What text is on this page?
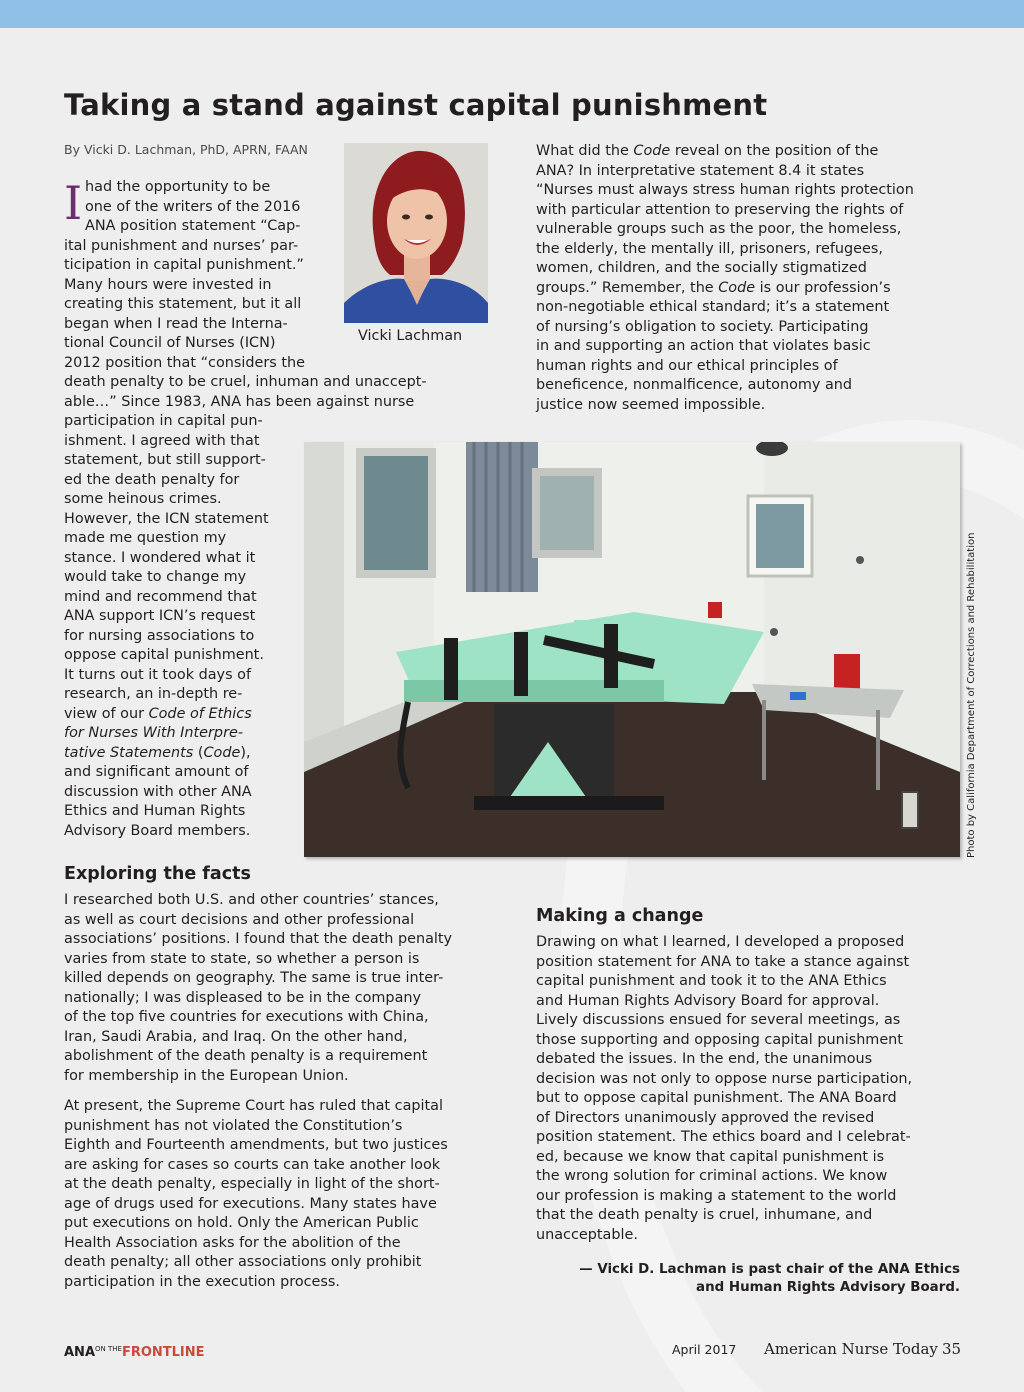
Taking a stand against capital punishment
By Vicki D. Lachman, PhD, APRN, FAAN
Vicki Lachman
I had the opportunity to be
one of the writers of the 2016
ANA position statement “Cap-
ital punishment and nurses’ par-
ticipation in capital punishment.”
Many hours were invested in
creating this statement, but it all
began when I read the Interna-
tional Council of Nurses (ICN)
2012 position that “considers the
death penalty to be cruel, inhuman and unaccept-
able…” Since 1983, ANA has been against nurse
participation in capital pun-
ishment. I agreed with that
statement, but still support-
ed the death penalty for
some heinous crimes.
However, the ICN statement
made me question my
stance. I wondered what it
would take to change my
mind and recommend that
ANA support ICN’s request
for nursing associations to
oppose capital punishment.
It turns out it took days of
research, an in-depth re-
view of our Code of Ethics
for Nurses With Interpre-
tative Statements (Code),
and significant amount of
discussion with other ANA
Ethics and Human Rights
Advisory Board members.
What did the Code reveal on the position of the
ANA? In interpretative statement 8.4 it states
“Nurses must always stress human rights protection
with particular attention to preserving the rights of
vulnerable groups such as the poor, the homeless,
the elderly, the mentally ill, prisoners, refugees,
women, children, and the socially stigmatized
groups.” Remember, the Code is our profession’s
non-negotiable ethical standard; it’s a statement
of nursing’s obligation to society. Participating
in and supporting an action that violates basic
human rights and our ethical principles of
beneficence, nonmalficence, autonomy and
justice now seemed impossible.
Photo by California Department of Corrections and Rehabilitation
Exploring the facts
I researched both U.S. and other countries’ stances,
as well as court decisions and other professional
associations’ positions. I found that the death penalty
varies from state to state, so whether a person is
killed depends on geography. The same is true inter-
nationally; I was displeased to be in the company
of the top five countries for executions with China,
Iran, Saudi Arabia, and Iraq. On the other hand,
abolishment of the death penalty is a requirement
for membership in the European Union.
At present, the Supreme Court has ruled that capital
punishment has not violated the Constitution’s
Eighth and Fourteenth amendments, but two justices
are asking for cases so courts can take another look
at the death penalty, especially in light of the short-
age of drugs used for executions. Many states have
put executions on hold. Only the American Public
Health Association asks for the abolition of the
death penalty; all other associations only prohibit
participation in the execution process.
Making a change
Drawing on what I learned, I developed a proposed
position statement for ANA to take a stance against
capital punishment and took it to the ANA Ethics
and Human Rights Advisory Board for approval.
Lively discussions ensued for several meetings, as
those supporting and opposing capital punishment
debated the issues. In the end, the unanimous
decision was not only to oppose nurse participation,
but to oppose capital punishment. The ANA Board
of Directors unanimously approved the revised
position statement. The ethics board and I celebrat-
ed, because we know that capital punishment is
the wrong solution for criminal actions. We know
our profession is making a statement to the world
that the death penalty is cruel, inhumane, and
unacceptable.
— Vicki D. Lachman is past chair of the ANA Ethics
and Human Rights Advisory Board.
$ANA^{ON THE}FRONTLINE$	April 2017 American Nurse Today 35
